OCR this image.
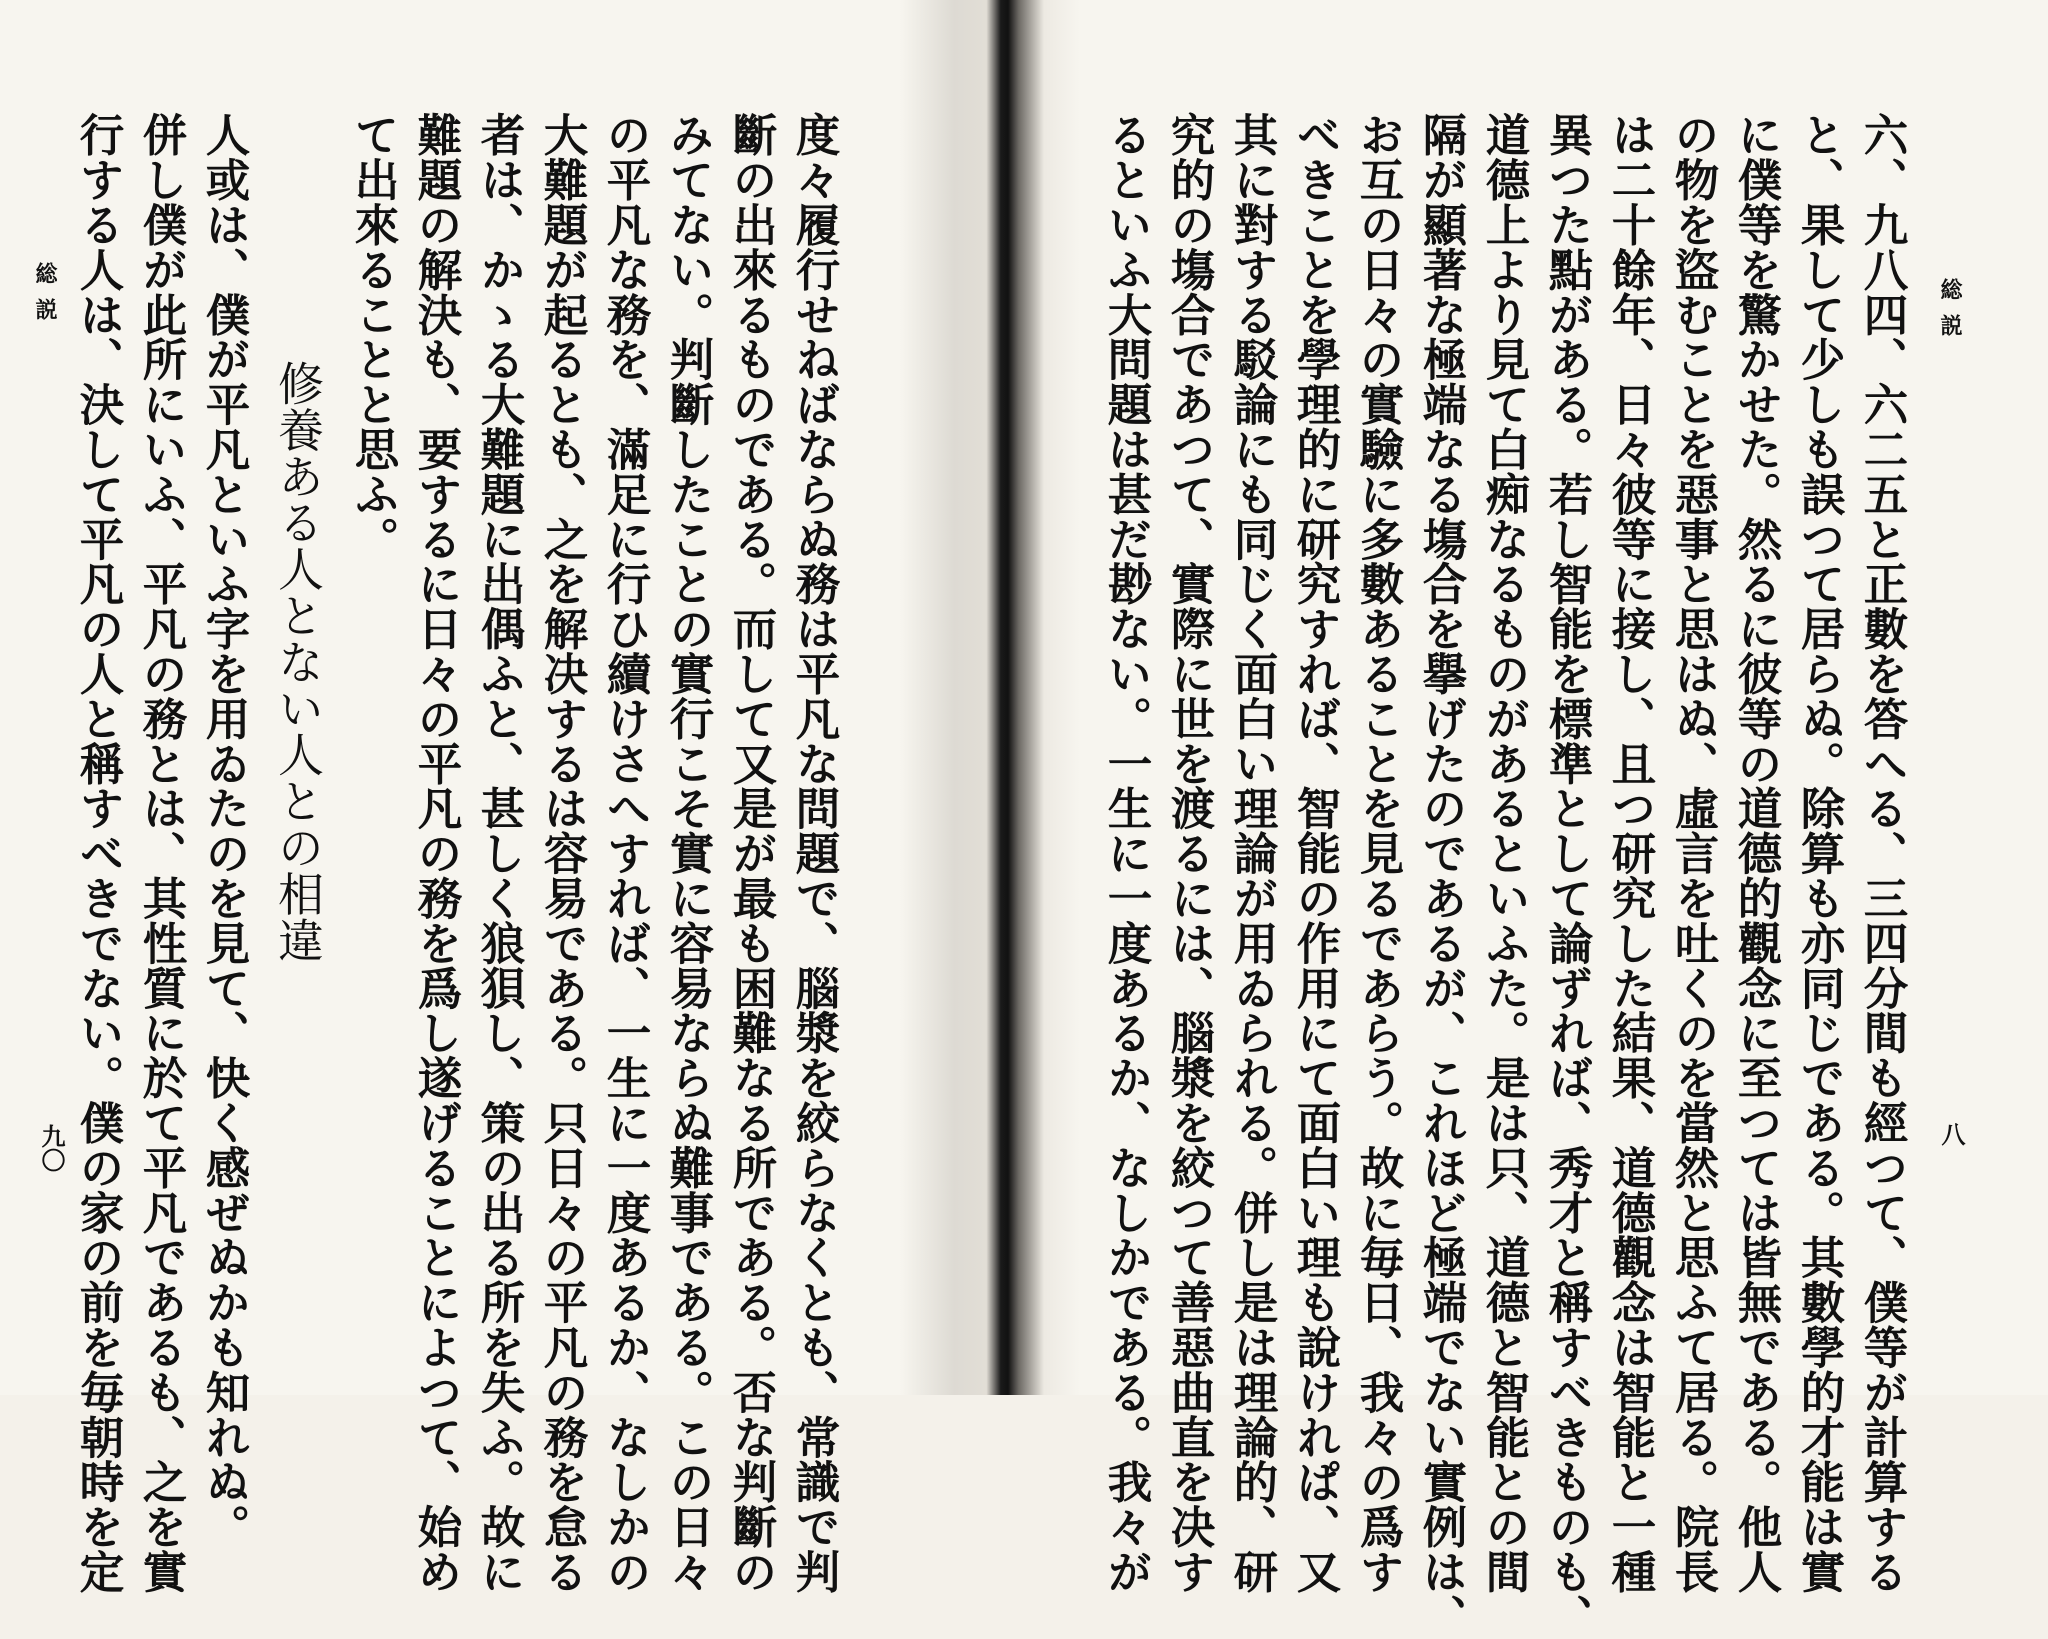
総説
九〇	度々履行せねばならぬ務は平凡な問題で、腦漿を絞らなくとも、常識で判
斷の出來るものである。而して又是が最も困難なる所である。否な判斷の
みてない。判斷したことの實行こそ實に容易ならぬ難事である。この日々
の平凡な務を、滿足に行ひ續けさへすれば、一生に一度あるか、なしかの
大難題が起るとも、之を解决するは容易である。只日々の平凡の務を怠る
者は、かゝる大難題に出偶ふと、甚しく狼狽し、策の出る所を失ふ。故に
難題の解決も、要するに日々の平凡の務を爲し遂げることによつて、始め
て出來ることと思ふ。
修養ある人とない人との相違
人或は、僕が平凡といふ字を用ゐたのを見て、快く感ぜぬかも知れぬ。
併し僕が此所にいふ、平凡の務とは、其性質に於て平凡であるも、之を實
行する人は、決して平凡の人と稱すべきでない。僕の家の前を毎朝時を定	総説
八
六、九八四、六二五と正數を答へる、三四分間も經つて、僕等が計算する
と、果して少しも誤つて居らぬ。除算も亦同じである。其數學的才能は實
に僕等を驚かせた。然るに彼等の道德的觀念に至つては皆無である。他人
の物を盜むことを惡事と思はぬ、虛言を吐くのを當然と思ふて居る。院長
は二十餘年、日々彼等に接し、且つ研究した結果、道德觀念は智能と一種
異つた點がある。若し智能を標準として論ずれば、秀才と稱すべきものも、
道德上より見て白痴なるものがあるといふた。是は只、道德と智能との間
隔が顯著な極端なる塲合を擧げたのであるが、これほど極端でない實例は、
お互の日々の實驗に多數あることを見るであらう。故に毎日、我々の爲す
べきことを學理的に研究すれば、智能の作用にて面白い理も說けれぱ、又
其に對する駁論にも同じく面白い理論が用ゐられる。併し是は理論的、研
究的の塲合であつて、實際に世を渡るには、腦漿を絞つて善惡曲直を决す
るといふ大問題は甚だ尠ない。一生に一度あるか、なしかである。我々が
